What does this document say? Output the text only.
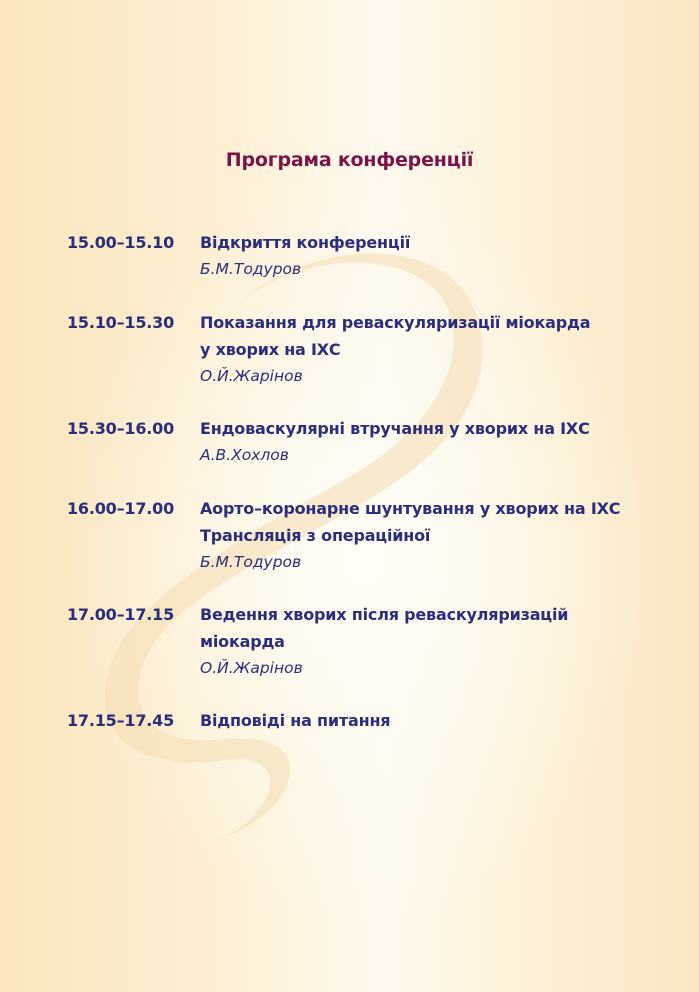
Програма конференції
15.00–15.10	Відкриття конференції
Б.М.Тодуров
15.10–15.30	Показання для реваскуляризації міокарда
у хворих на ІХС
О.Й.Жарінов
15.30–16.00	Ендоваскулярні втручання у хворих на ІХС
А.В.Хохлов
16.00–17.00	Аорто–коронарне шунтування у хворих на ІХС
Трансляція з операційної
Б.М.Тодуров
17.00–17.15	Ведення хворих після реваскуляризацій
міокарда
О.Й.Жарінов
17.15–17.45	Відповіді на питання
